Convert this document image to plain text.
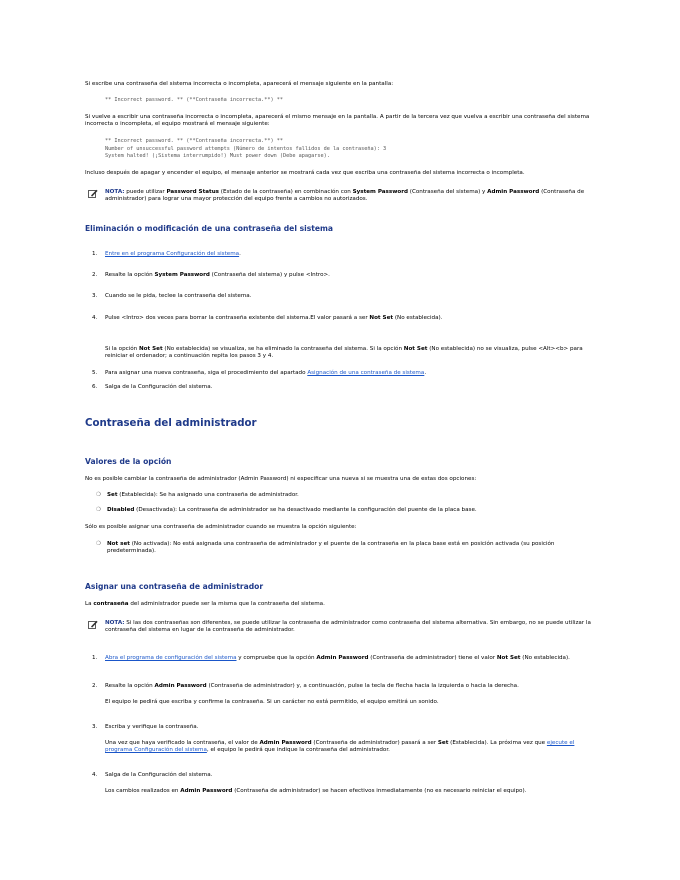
Si escribe una contraseña del sistema incorrecta o incompleta, aparecerá el mensaje siguiente en la pantalla:

** Incorrect password. ** (**Contraseña incorrecta.**) **

Si vuelve a escribir una contraseña incorrecta o incompleta, aparecerá el mismo mensaje en la pantalla. A partir de la tercera vez que vuelva a escribir una contraseña del sistema incorrecta o incompleta, el equipo mostrará el mensaje siguiente:

** Incorrect password. ** (**Contraseña incorrecta.**) **
Number of unsuccessful password attempts (Número de intentos fallidos de la contraseña): 3
System halted! (¡Sistema interrumpido!) Must power down (Debe apagarse).

Incluso después de apagar y encender el equipo, el mensaje anterior se mostrará cada vez que escriba una contraseña del sistema incorrecta o incompleta.

NOTA: puede utilizar Password Status (Estado de la contraseña) en combinación con System Password (Contraseña del sistema) y Admin Password (Contraseña de administrador) para lograr una mayor protección del equipo frente a cambios no autorizados.
Eliminación o modificación de una contraseña del sistema
1.	Entre en el programa Configuración del sistema.
2.	Resalte la opción System Password (Contraseña del sistema) y pulse <Intro>.
3.	Cuando se le pida, teclee la contraseña del sistema.
4.	Pulse <Intro> dos veces para borrar la contraseña existente del sistema.El valor pasará a ser Not Set (No establecida).
Si la opción Not Set (No establecida) se visualiza, se ha eliminado la contraseña del sistema. Si la opción Not Set (No establecida) no se visualiza, pulse <Alt><b> para reiniciar el ordenador; a continuación repita los pasos 3 y 4.
5.	Para asignar una nueva contraseña, siga el procedimiento del apartado Asignación de una contraseña de sistema.
6.	Salga de la Configuración del sistema.
Contraseña del administrador
Valores de la opción

No es posible cambiar la contraseña de administrador (Admin Password) ni especificar una nueva si se muestra una de estas dos opciones:

❍ Set (Establecida): Se ha asignado una contraseña de administrador.
❍ Disabled (Desactivada): La contraseña de administrador se ha desactivado mediante la configuración del puente de la placa base.

Sólo es posible asignar una contraseña de administrador cuando se muestra la opción siguiente:

❍ Not set (No activada): No está asignada una contraseña de administrador y el puente de la contraseña en la placa base está en posición activada (su posición predeterminada).
Asignar una contraseña de administrador

La contraseña del administrador puede ser la misma que la contraseña del sistema.

NOTA: Si las dos contraseñas son diferentes, se puede utilizar la contraseña de administrador como contraseña del sistema alternativa. Sin embargo, no se puede utilizar la contraseña del sistema en lugar de la contraseña de administrador.
1.	Abra el programa de configuración del sistema y compruebe que la opción Admin Password (Contraseña de administrador) tiene el valor Not Set (No establecida).
2.	Resalte la opción Admin Password (Contraseña de administrador) y, a continuación, pulse la tecla de flecha hacia la izquierda o hacia la derecha.
El equipo le pedirá que escriba y confirme la contraseña. Si un carácter no está permitido, el equipo emitirá un sonido.
3.	Escriba y verifique la contraseña.
Una vez que haya verificado la contraseña, el valor de Admin Password (Contraseña de administrador) pasará a ser Set (Establecida). La próxima vez que ejecute el programa Configuración del sistema, el equipo le pedirá que indique la contraseña del administrador.
4.	Salga de la Configuración del sistema.
Los cambios realizados en Admin Password (Contraseña de administrador) se hacen efectivos inmediatamente (no es necesario reiniciar el equipo).
